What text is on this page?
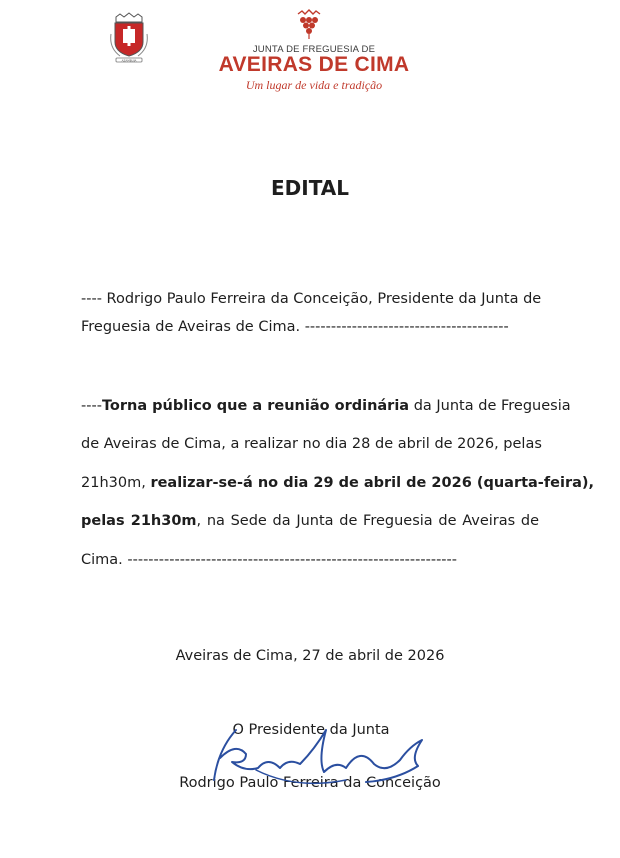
AZAMBUJA
JUNTA DE FREGUESIA DE
AVEIRAS DE CIMA
Um lugar de vida e tradição
EDITAL
---- Rodrigo Paulo Ferreira da Conceição, Presidente da Junta de
Freguesia de Aveiras de Cima. ---------------------------------------
----Torna público que a reunião ordinária da Junta de Freguesia
de Aveiras de Cima, a realizar no dia 28 de abril de 2026, pelas
21h30m, realizar-se-á no dia 29 de abril de 2026 (quarta-feira),
pelas 21h30m, na Sede da Junta de Freguesia de Aveiras de
Cima. ---------------------------------------------------------------
Aveiras de Cima, 27 de abril de 2026
O Presidente da Junta
Rodrigo Paulo Ferreira da Conceição
